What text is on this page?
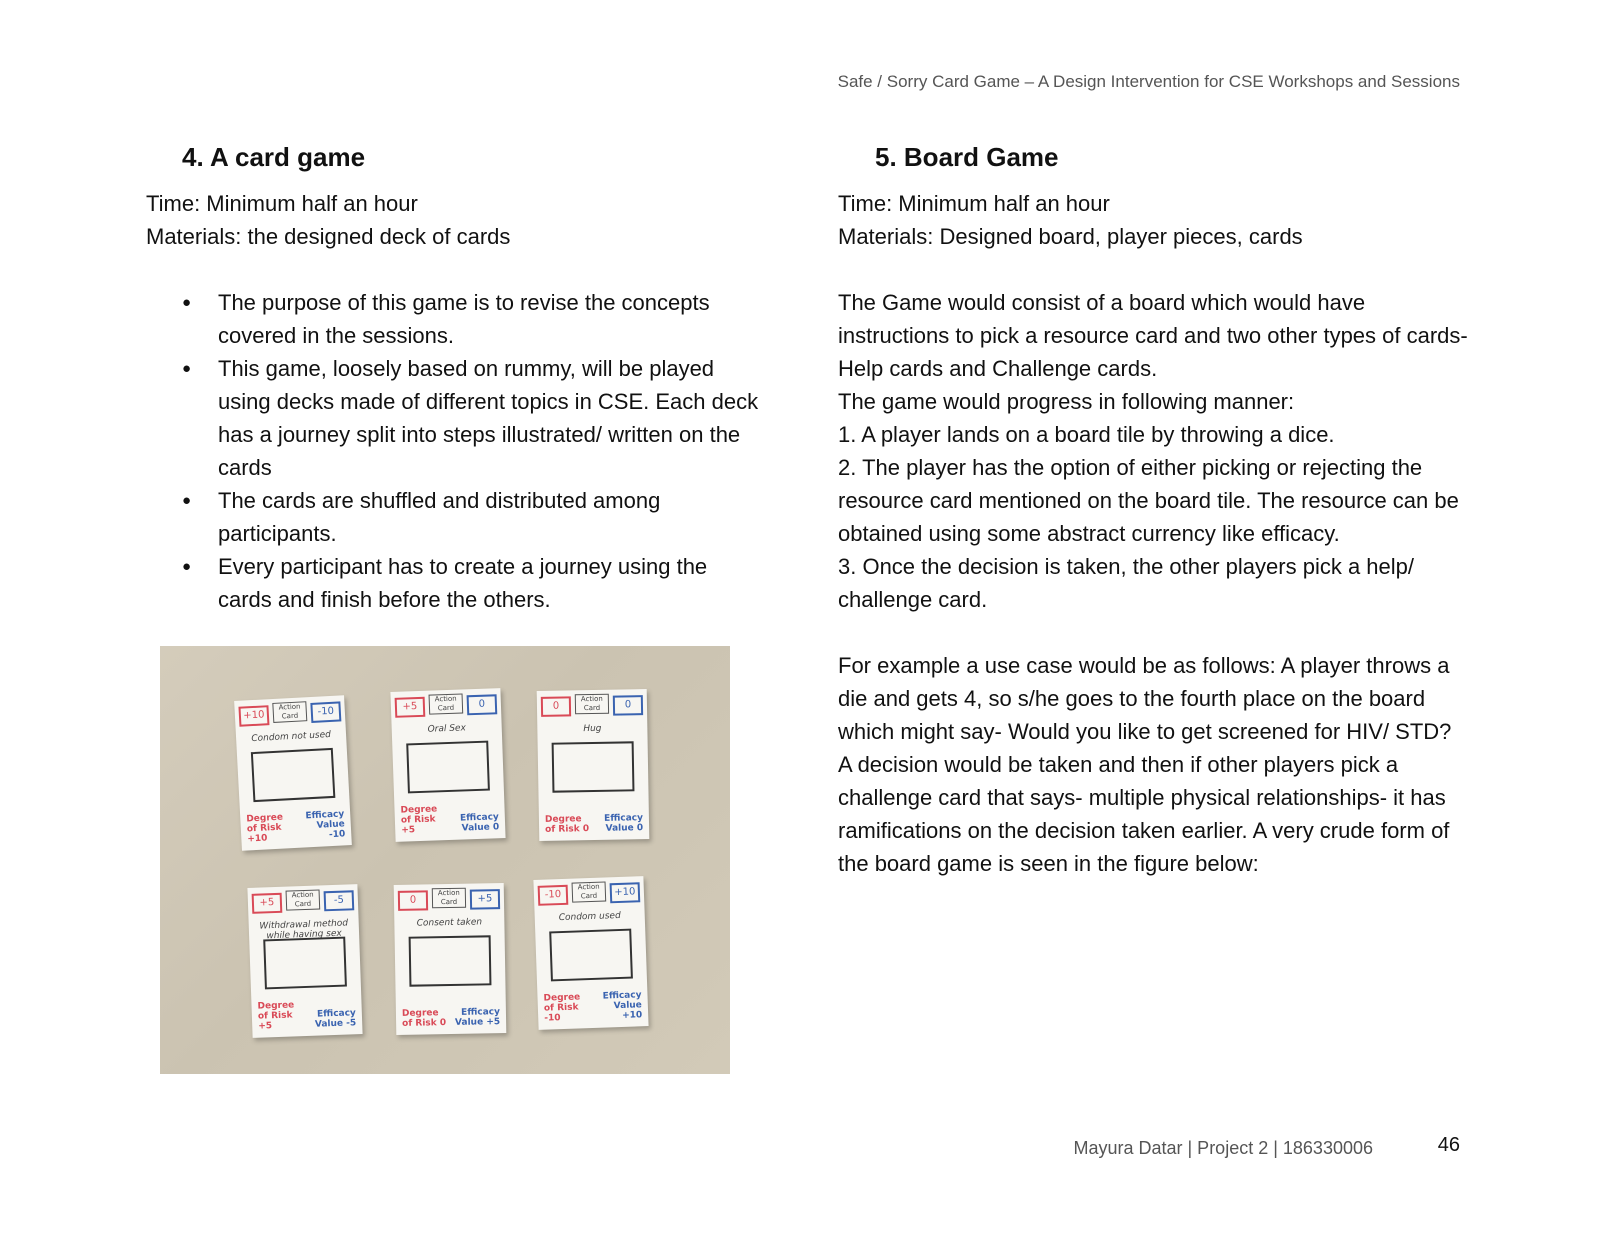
Safe / Sorry Card Game – A Design Intervention for CSE Workshops and Sessions
4. A card game

Time: Minimum half an hour

Materials: the designed deck of cards

● The purpose of this game is to revise the concepts covered in the sessions.
● This game, loosely based on rummy, will be played using decks made of different topics in CSE. Each deck has a journey split into steps illustrated/ written on the cards
● The cards are shuffled and distributed among participants.
● Every participant has to create a journey using the cards and finish before the others.
+10
Action Card	-10
Condom not used
Degree of Risk +10
Efficacy Value -10
+5
Action Card	0
Oral Sex
Degree of Risk +5
Efficacy Value 0
0
Action Card	0
Hug
Degree of Risk 0
Efficacy Value 0
+5
Action Card	-5
Withdrawal method while having sex
Degree of Risk +5
Efficacy Value -5
0
Action Card	+5
Consent taken
Degree of Risk 0
Efficacy Value +5
-10
Action Card	+10
Condom used
Degree of Risk -10
Efficacy Value +10
5. Board Game

Time: Minimum half an hour

Materials: Designed board, player pieces, cards

The Game would consist of a board which would have instructions to pick a resource card and two other types of cards- Help cards and Challenge cards.

The game would progress in following manner:

1. A player lands on a board tile by throwing a dice.

2. The player has the option of either picking or rejecting the resource card mentioned on the board tile. The resource can be obtained using some abstract currency like efficacy.

3. Once the decision is taken, the other players pick a help/ challenge card.

For example a use case would be as follows: A player throws a die and gets 4, so s/he goes to the fourth place on the board which might say- Would you like to get screened for HIV/ STD? A decision would be taken and then if other players pick a challenge card that says- multiple physical relationships- it has ramifications on the decision taken earlier. A very crude form of the board game is seen in the figure below:

Mayura Datar | Project 2 | 186330006	46
